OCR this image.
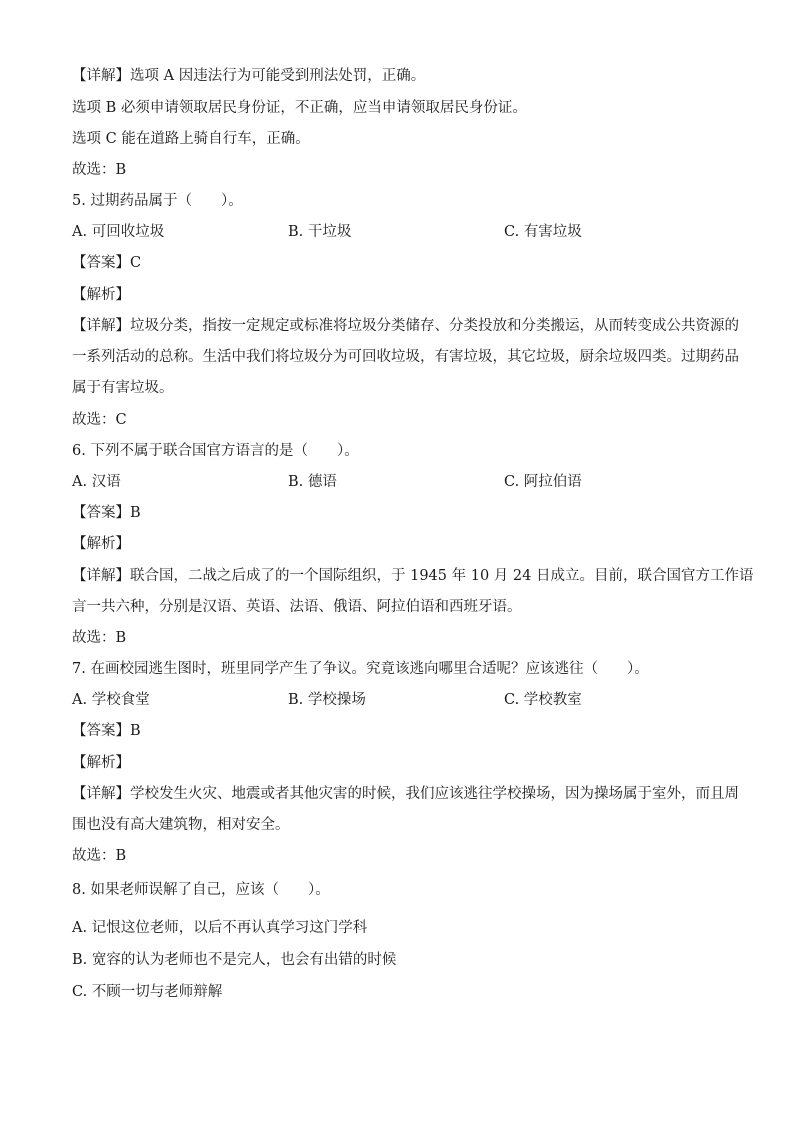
【详解】选项 A 因违法行为可能受到刑法处罚，正确。
选项 B 必须申请领取居民身份证，不正确，应当申请领取居民身份证。
选项 C 能在道路上骑自行车，正确。
故选：B
5. 过期药品属于（　　）。
A. 可回收垃圾	B. 干垃圾	C. 有害垃圾
【答案】C
【解析】
【详解】垃圾分类，指按一定规定或标准将垃圾分类储存、分类投放和分类搬运，从而转变成公共资源的
一系列活动的总称。生活中我们将垃圾分为可回收垃圾，有害垃圾，其它垃圾，厨余垃圾四类。过期药品
属于有害垃圾。
故选：C
6. 下列不属于联合国官方语言的是（　　）。
A. 汉语	B. 德语	C. 阿拉伯语
【答案】B
【解析】
【详解】联合国，二战之后成了的一个国际组织，于 1945 年 10 月 24 日成立。目前，联合国官方工作语
言一共六种，分别是汉语、英语、法语、俄语、阿拉伯语和西班牙语。
故选：B
7. 在画校园逃生图时，班里同学产生了争议。究竟该逃向哪里合适呢？应该逃往（　　）。
A. 学校食堂	B. 学校操场	C. 学校教室
【答案】B
【解析】
【详解】学校发生火灾、地震或者其他灾害的时候，我们应该逃往学校操场，因为操场属于室外，而且周
围也没有高大建筑物，相对安全。
故选：B
8. 如果老师误解了自己，应该（　　）。
A. 记恨这位老师，以后不再认真学习这门学科
B. 宽容的认为老师也不是完人，也会有出错的时候
C. 不顾一切与老师辩解
